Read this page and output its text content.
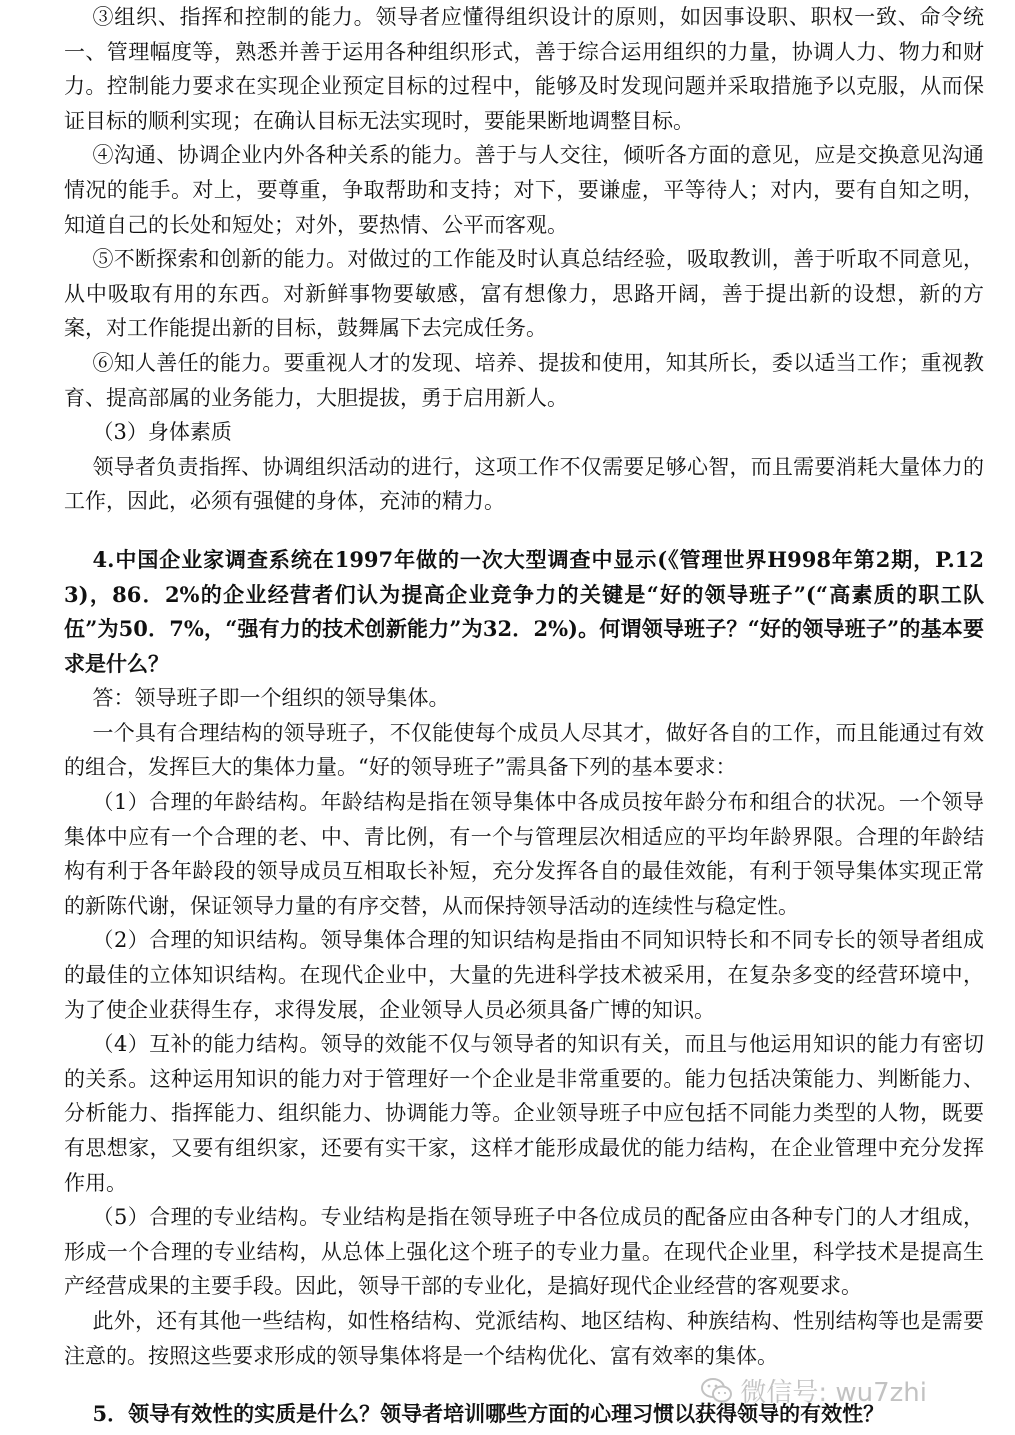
③组织、指挥和控制的能力。领导者应懂得组织设计的原则，如因事设职、职权一致、命令统一、管理幅度等，熟悉并善于运用各种组织形式，善于综合运用组织的力量，协调人力、物力和财力。控制能力要求在实现企业预定目标的过程中，能够及时发现问题并采取措施予以克服，从而保证目标的顺利实现；在确认目标无法实现时，要能果断地调整目标。

④沟通、协调企业内外各种关系的能力。善于与人交往，倾听各方面的意见，应是交换意见沟通情况的能手。对上，要尊重，争取帮助和支持；对下，要谦虚，平等待人；对内，要有自知之明，知道自己的长处和短处；对外，要热情、公平而客观。

⑤不断探索和创新的能力。对做过的工作能及时认真总结经验，吸取教训，善于听取不同意见，从中吸取有用的东西。对新鲜事物要敏感，富有想像力，思路开阔，善于提出新的设想，新的方案，对工作能提出新的目标，鼓舞属下去完成任务。

⑥知人善任的能力。要重视人才的发现、培养、提拔和使用，知其所长，委以适当工作；重视教育、提高部属的业务能力，大胆提拔，勇于启用新人。

（3）身体素质

领导者负责指挥、协调组织活动的进行，这项工作不仅需要足够心智，而且需要消耗大量体力的工作，因此，必须有强健的身体，充沛的精力。

4.中国企业家调查系统在1997年做的一次大型调查中显示(《管理世界H998年第2期，P.123)，86．2%的企业经营者们认为提高企业竞争力的关键是“好的领导班子”(“高素质的职工队伍”为50．7%，“强有力的技术创新能力”为32．2%)。何谓领导班子？“好的领导班子”的基本要求是什么？

答：领导班子即一个组织的领导集体。

一个具有合理结构的领导班子，不仅能使每个成员人尽其才，做好各自的工作，而且能通过有效的组合，发挥巨大的集体力量。“好的领导班子”需具备下列的基本要求：

（1）合理的年龄结构。年龄结构是指在领导集体中各成员按年龄分布和组合的状况。一个领导集体中应有一个合理的老、中、青比例，有一个与管理层次相适应的平均年龄界限。合理的年龄结构有利于各年龄段的领导成员互相取长补短，充分发挥各自的最佳效能，有利于领导集体实现正常的新陈代谢，保证领导力量的有序交替，从而保持领导活动的连续性与稳定性。

（2）合理的知识结构。领导集体合理的知识结构是指由不同知识特长和不同专长的领导者组成的最佳的立体知识结构。在现代企业中，大量的先进科学技术被采用，在复杂多变的经营环境中，为了使企业获得生存，求得发展，企业领导人员必须具备广博的知识。

（4）互补的能力结构。领导的效能不仅与领导者的知识有关，而且与他运用知识的能力有密切的关系。这种运用知识的能力对于管理好一个企业是非常重要的。能力包括决策能力、判断能力、分析能力、指挥能力、组织能力、协调能力等。企业领导班子中应包括不同能力类型的人物，既要有思想家，又要有组织家，还要有实干家，这样才能形成最优的能力结构，在企业管理中充分发挥作用。

（5）合理的专业结构。专业结构是指在领导班子中各位成员的配备应由各种专门的人才组成，形成一个合理的专业结构，从总体上强化这个班子的专业力量。在现代企业里，科学技术是提高生产经营成果的主要手段。因此，领导干部的专业化，是搞好现代企业经营的客观要求。

此外，还有其他一些结构，如性格结构、党派结构、地区结构、种族结构、性别结构等也是需要注意的。按照这些要求形成的领导集体将是一个结构优化、富有效率的集体。

5．领导有效性的实质是什么？领导者培训哪些方面的心理习惯以获得领导的有效性？

微信号: wu7zhi
